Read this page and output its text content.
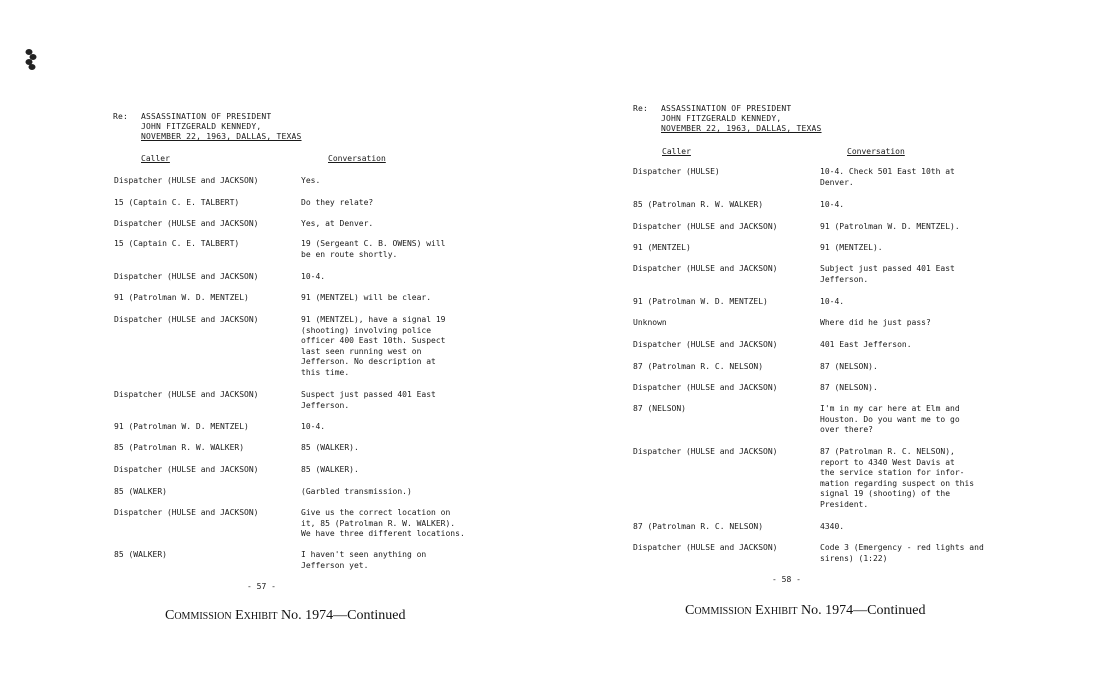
Re: ASSASSINATION OF PRESIDENT
JOHN FITZGERALD KENNEDY,
NOVEMBER 22, 1963, DALLAS, TEXAS
Caller	Conversation
Dispatcher (HULSE and JACKSON)	Yes.
15 (Captain C. E. TALBERT)	Do they relate?
Dispatcher (HULSE and JACKSON)	Yes, at Denver.
15 (Captain C. E. TALBERT)	19 (Sergeant C. B. OWENS) will
be en route shortly.
Dispatcher (HULSE and JACKSON)	10-4.
91 (Patrolman W. D. MENTZEL)	91 (MENTZEL) will be clear.
Dispatcher (HULSE and JACKSON)	91 (MENTZEL), have a signal 19
(shooting) involving police
officer 400 East 10th. Suspect
last seen running west on
Jefferson. No description at
this time.
Dispatcher (HULSE and JACKSON)	Suspect just passed 401 East
Jefferson.
91 (Patrolman W. D. MENTZEL)	10-4.
85 (Patrolman R. W. WALKER)	85 (WALKER).
Dispatcher (HULSE and JACKSON)	85 (WALKER).
85 (WALKER)	(Garbled transmission.)
Dispatcher (HULSE and JACKSON)	Give us the correct location on
it, 85 (Patrolman R. W. WALKER).
We have three different locations.
85 (WALKER)	I haven't seen anything on
Jefferson yet.
- 57 -
Commission Exhibit No. 1974—Continued
Re: ASSASSINATION OF PRESIDENT
JOHN FITZGERALD KENNEDY,
NOVEMBER 22, 1963, DALLAS, TEXAS
Caller	Conversation
Dispatcher (HULSE)	10-4. Check 501 East 10th at
Denver.
85 (Patrolman R. W. WALKER)	10-4.
Dispatcher (HULSE and JACKSON)	91 (Patrolman W. D. MENTZEL).
91 (MENTZEL)	91 (MENTZEL).
Dispatcher (HULSE and JACKSON)	Subject just passed 401 East
Jefferson.
91 (Patrolman W. D. MENTZEL)	10-4.
Unknown	Where did he just pass?
Dispatcher (HULSE and JACKSON)	401 East Jefferson.
87 (Patrolman R. C. NELSON)	87 (NELSON).
Dispatcher (HULSE and JACKSON)	87 (NELSON).
87 (NELSON)	I'm in my car here at Elm and
Houston. Do you want me to go
over there?
Dispatcher (HULSE and JACKSON)	87 (Patrolman R. C. NELSON),
report to 4340 West Davis at
the service station for infor-
mation regarding suspect on this
signal 19 (shooting) of the
President.
87 (Patrolman R. C. NELSON)	4340.
Dispatcher (HULSE and JACKSON)	Code 3 (Emergency - red lights and
sirens) (1:22)
- 58 -
Commission Exhibit No. 1974—Continued
